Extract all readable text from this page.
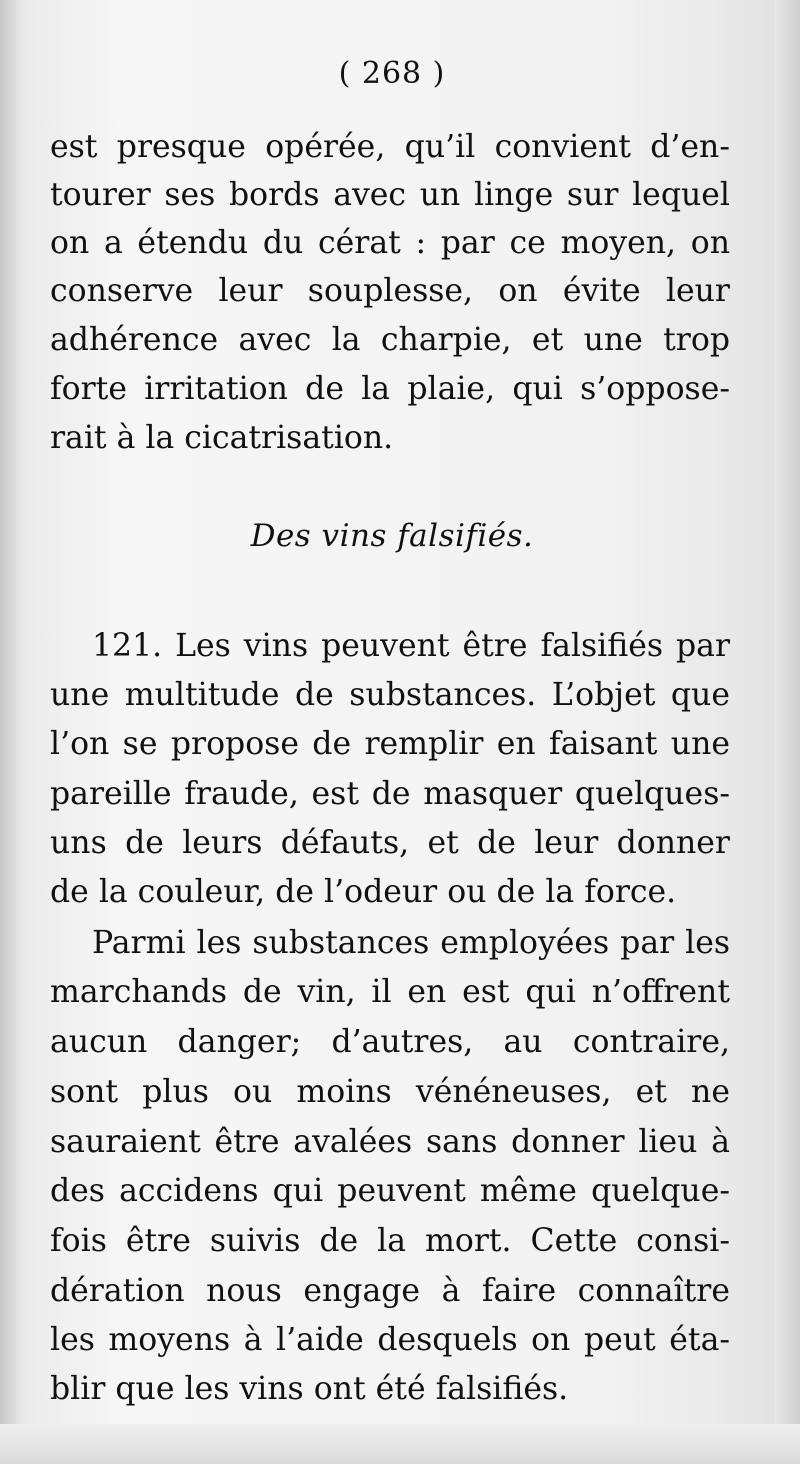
( 268 )
est presque opérée, qu’il convient d’en-
tourer ses bords avec un linge sur lequel
on a étendu du cérat : par ce moyen, on
conserve leur souplesse, on évite leur
adhérence avec la charpie, et une trop
forte irritation de la plaie, qui s’oppose-
rait à la cicatrisation.
Des vins falsifiés.
121. Les vins peuvent être falsifiés par
une multitude de substances. L’objet que
l’on se propose de remplir en faisant une
pareille fraude, est de masquer quelques-
uns de leurs défauts, et de leur donner
de la couleur, de l’odeur ou de la force.
Parmi les substances employées par les
marchands de vin, il en est qui n’offrent
aucun danger; d’autres, au contraire,
sont plus ou moins vénéneuses, et ne
sauraient être avalées sans donner lieu à
des accidens qui peuvent même quelque-
fois être suivis de la mort. Cette consi-
dération nous engage à faire connaître
les moyens à l’aide desquels on peut éta-
blir que les vins ont été falsifiés.
